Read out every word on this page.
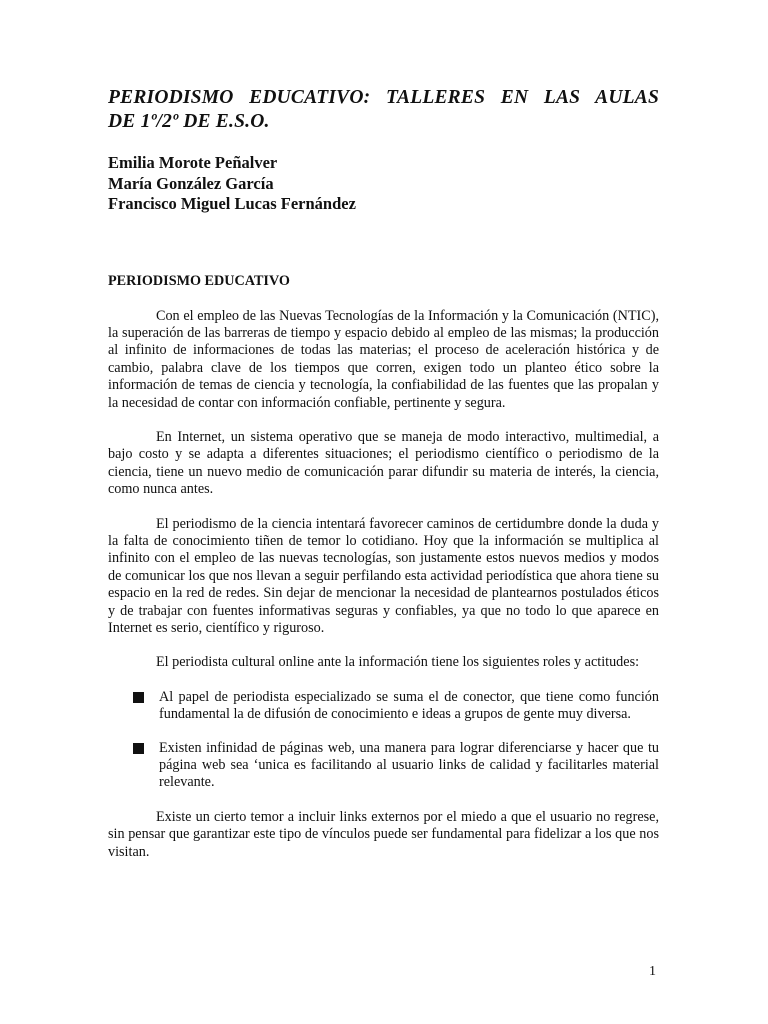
PERIODISMO EDUCATIVO: TALLERES EN LAS AULAS
DE 1º/2º DE E.S.O.
Emilia Morote Peñalver
María González García
Francisco Miguel Lucas Fernández
PERIODISMO EDUCATIVO

Con el empleo de las Nuevas Tecnologías de la Información y la Comunicación (NTIC), la superación de las barreras de tiempo y espacio debido al empleo de las mismas; la producción al infinito de informaciones de todas las materias; el proceso de aceleración histórica y de cambio, palabra clave de los tiempos que corren, exigen todo un planteo ético sobre la información de temas de ciencia y tecnología, la confiabilidad de las fuentes que las propalan y la necesidad de contar con información confiable, pertinente y segura.

En Internet, un sistema operativo que se maneja de modo interactivo, multimedial, a bajo costo y se adapta a diferentes situaciones; el periodismo científico o periodismo de la ciencia, tiene un nuevo medio de comunicación parar difundir su materia de interés, la ciencia, como nunca antes.

El periodismo de la ciencia intentará favorecer caminos de certidumbre donde la duda y la falta de conocimiento tiñen de temor lo cotidiano. Hoy que la información se multiplica al infinito con el empleo de las nuevas tecnologías, son justamente estos nuevos medios y modos de comunicar los que nos llevan a seguir perfilando esta actividad periodística que ahora tiene su espacio en la red de redes. Sin dejar de mencionar la necesidad de plantearnos postulados éticos y de trabajar con fuentes informativas seguras y confiables, ya que no todo lo que aparece en Internet es serio, científico y riguroso.

El periodista cultural online ante la información tiene los siguientes roles y actitudes:

Al papel de periodista especializado se suma el de conector, que tiene como función fundamental la de difusión de conocimiento e ideas a grupos de gente muy diversa.
Existen infinidad de páginas web, una manera para lograr diferenciarse y hacer que tu página web sea ‘unica es facilitando al usuario links de calidad y facilitarles material relevante.

Existe un cierto temor a incluir links externos por el miedo a que el usuario no regrese, sin pensar que garantizar este tipo de vínculos puede ser fundamental para fidelizar a los que nos visitan.

1
